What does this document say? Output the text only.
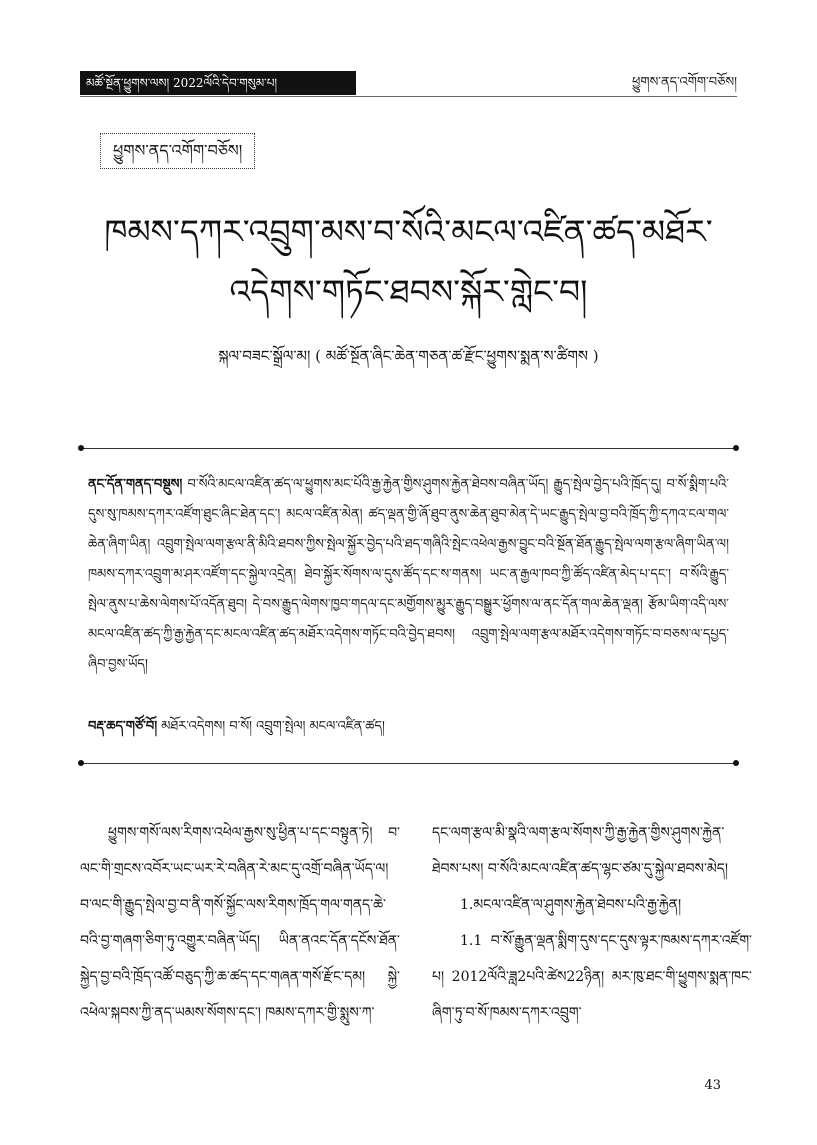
མཚོ་སྔོན་ཕྱུགས་ལས། 2022ལོའི་དེབ་གསུམ་པ།	ཕྱུགས་ནད་འགོག་བཅོས།
ཕྱུགས་ནད་འགོག་བཅོས།
ཁམས་དཀར་འབྲུག་མས་བ་སོའི་མངལ་འཛིན་ཚད་མཐོར་
འདེགས་གཏོང་ཐབས་སྐོར་གླེང་བ།
སྐལ་བཟང་སྒྲོལ་མ། ( མཚོ་སྔོན་ཞིང་ཆེན་གཅན་ཚ་རྫོང་ཕྱུགས་སྨན་ས་ཚིགས )
ནང་དོན་གནད་བསྡུས། བ་སོའི་མངལ་འཛིན་ཚད་ལ་ཕྱུགས་མང་པོའི་རྒྱ་རྐྱེན་གྱིས་ཤུགས་རྐྱེན་ཐེབས་བཞིན་ཡོད། རྒྱུད་སྤེལ་བྱེད་པའི་ཁྲོད་དུ། བ་སོ་སྨིག་པའི་དུས་སུ་ཁམས་དཀར་འཛོག་ཐུང་ཞིང་ཐེན་དང་། མངལ་འཛིན་མེན། ཚད་ལྡན་གྱི་ཞོ་ཐུབ་ནུས་ཆེན་ཐུབ་མེན་དེ་ཡང་རྒྱུད་སྤེལ་བྱ་བའི་ཁྲོད་ཀྱི་དཀའ་ངལ་གལ་ཆེན་ཞིག་ཡིན། འབྲུག་སྤེལ་ལག་རྩལ་ནི་མིའི་ཐབས་ཀྱིས་སྤེལ་སྐྱོར་བྱེད་པའི་ཐད་གཞིའི་སྤེང་འཕེལ་རྒྱས་བྱུང་བའི་སྔོན་ཐོན་རྒྱུད་སྤེལ་ལག་རྩལ་ཞིག་ཡིན་ལ། ཁམས་དཀར་འབྲུག་མ་ཤར་འཛོག་དང་སྐྱེལ་འདྲེན། ཐེབ་སྐྱོར་སོགས་ལ་དུས་ཚོད་དང་ས་གནས། ཡང་ན་རྒྱལ་ཁབ་ཀྱི་ཚོད་འཛིན་མེད་པ་དང་། བ་སོའི་རྒྱུད་སྤེལ་ནུས་པ་ཆེས་ལེགས་པོ་འདོན་ཐུབ། དེ་བས་རྒྱུད་ལེགས་ཁྱབ་གདལ་དང་མགྱོགས་མྱུར་རྒྱུད་བསྒྱུར་ཕྱོགས་ལ་ནང་དོན་གལ་ཆེན་ལྡན། རྩོམ་ཡིག་འདི་ལས་མངལ་འཛིན་ཚད་ཀྱི་རྒྱ་རྐྱེན་དང་མངལ་འཛིན་ཚད་མཐོར་འདེགས་གཏོང་བའི་བྱེད་ཐབས། འབྲུག་སྤེལ་ལག་རྩལ་མཐོར་འདེགས་གཏོང་བ་བཅས་ལ་དཔྱད་ཞིབ་བྱས་ཡོད།
བརྡ་ཆད་གཙོ་བོ། མཐོར་འདེགས། བ་སོ། འབྲུག་སྤེལ། མངལ་འཛིན་ཚད།

ཕྱུགས་གསོ་ལས་རིགས་འཕེལ་རྒྱས་སུ་ཕྱིན་པ་དང་བསྟུན་ཏེ། བ་ལང་གི་གྲངས་འབོར་ཡང་ཡར་རེ་བཞིན་རེ་མང་དུ་འགྲོ་བཞིན་ཡོད་ལ། བ་ལང་གི་རྒྱུད་སྤེལ་བྱ་བ་ནི་གསོ་སྐྱོང་ལས་རིགས་ཁྲོད་གལ་གནད་ཆེ་བའི་བྱ་གཞག་ཅིག་ཏུ་འགྱུར་བཞིན་ཡོད། ཡིན་ནའང་དོན་དངོས་ཐོན་སྐྱེད་བྱ་བའི་ཁྲོད་འཚོ་བཅུད་ཀྱི་ཆ་ཚད་དང་གཞན་གསོ་རྫོང་དམ། སྐྱེ་འཕེལ་སྐབས་ཀྱི་ནད་ཡམས་སོགས་དང་། ཁམས་དཀར་གྱི་སྨུས་ཀ་

དང་ལག་རྩལ་མི་སྣའི་ལག་རྩལ་སོགས་ཀྱི་རྒྱ་རྐྱེན་གྱིས་ཤུགས་རྐྱེན་ཐེབས་པས། བ་སོའི་མངལ་འཛིན་ཚད་ལྷང་ཙམ་དུ་སྐྱེལ་ཐབས་མེད།

1.མངལ་འཛིན་ལ་ཤུགས་རྐྱེན་ཐེབས་པའི་རྒྱ་རྐྱེན།

1.1 བ་སོ་རྒྱུན་ལྡན་སྨིག་དུས་དང་དུས་ལྟར་ཁམས་དཀར་འཛོག་པ། 2012ལོའི་ཟླ2པའི་ཚེས22ཉིན། མར་ཁུ་ཐང་གི་ཕྱུགས་སྨན་ཁང་ཞིག་ཏུ་བ་སོ་ཁམས་དཀར་འབྲུག་

43
